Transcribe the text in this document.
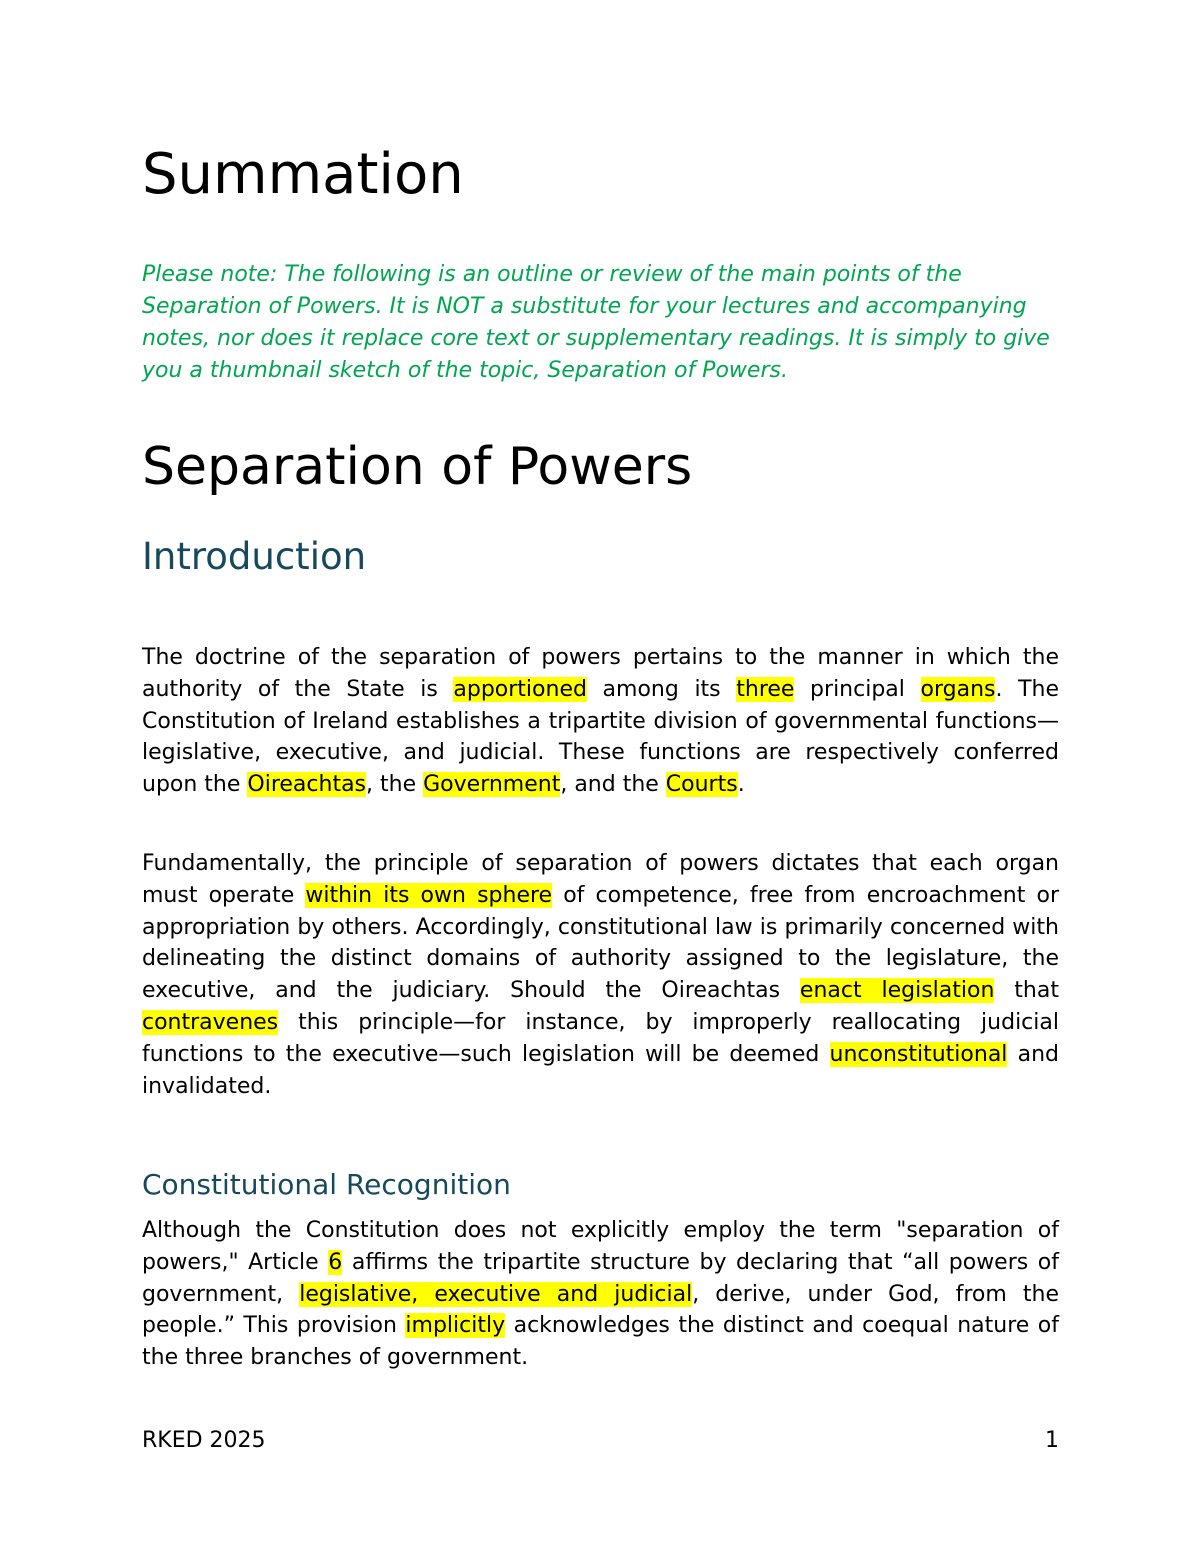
Summation

Please note: The following is an outline or review of the main points of the Separation of Powers. It is NOT a substitute for your lectures and accompanying notes, nor does it replace core text or supplementary readings. It is simply to give you a thumbnail sketch of the topic, Separation of Powers.

Separation of Powers
Introduction

The doctrine of the separation of powers pertains to the manner in which the authority of the State is apportioned among its three principal organs. The Constitution of Ireland establishes a tripartite division of governmental functions—legislative, executive, and judicial. These functions are respectively conferred upon the Oireachtas, the Government, and the Courts.

Fundamentally, the principle of separation of powers dictates that each organ must operate within its own sphere of competence, free from encroachment or appropriation by others. Accordingly, constitutional law is primarily concerned with delineating the distinct domains of authority assigned to the legislature, the executive, and the judiciary. Should the Oireachtas enact legislation that contravenes this principle—for instance, by improperly reallocating judicial functions to the executive—such legislation will be deemed unconstitutional and invalidated.

Constitutional Recognition

Although the Constitution does not explicitly employ the term "separation of powers," Article 6 affirms the tripartite structure by declaring that “all powers of government, legislative, executive and judicial, derive, under God, from the people.” This provision implicitly acknowledges the distinct and coequal nature of the three branches of government.

RKED 2025	1
